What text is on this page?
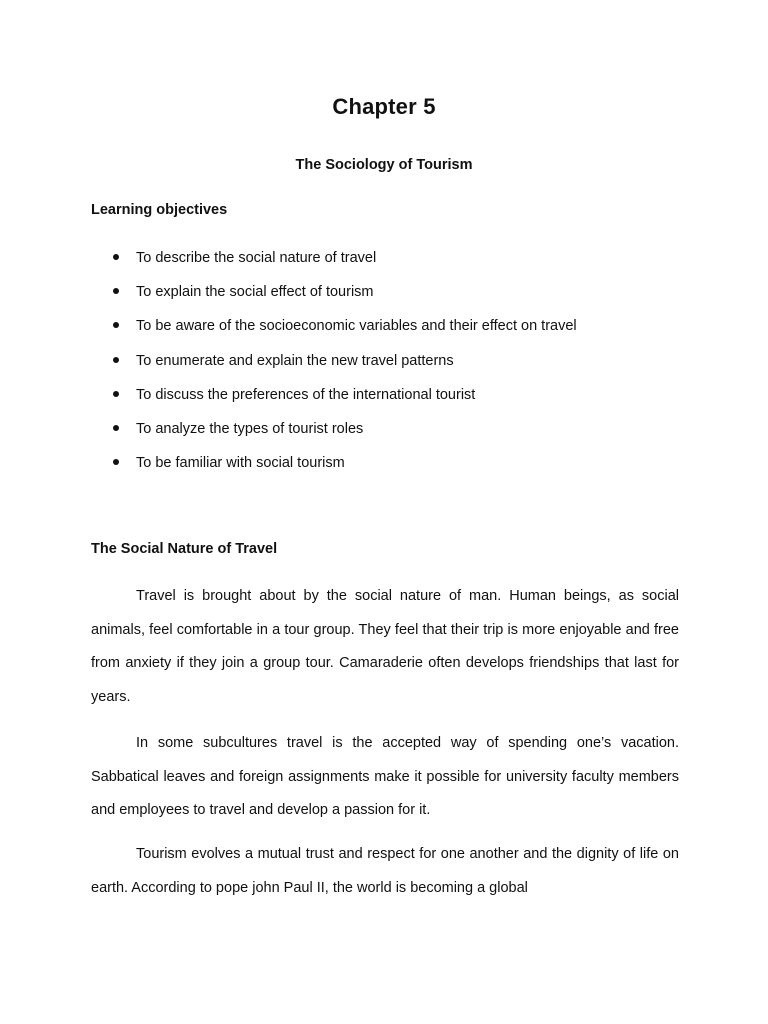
Chapter 5
The Sociology of Tourism
Learning objectives
To describe the social nature of travel
To explain the social effect of tourism
To be aware of the socioeconomic variables and their effect on travel
To enumerate and explain the new travel patterns
To discuss the preferences of the international tourist
To analyze the types of tourist roles
To be familiar with social tourism
The Social Nature of Travel

Travel is brought about by the social nature of man. Human beings, as social animals, feel comfortable in a tour group. They feel that their trip is more enjoyable and free from anxiety if they join a group tour. Camaraderie often develops friendships that last for years.

In some subcultures travel is the accepted way of spending one’s vacation. Sabbatical leaves and foreign assignments make it possible for university faculty members and employees to travel and develop a passion for it.

Tourism evolves a mutual trust and respect for one another and the dignity of life on earth. According to pope john Paul II, the world is becoming a global
